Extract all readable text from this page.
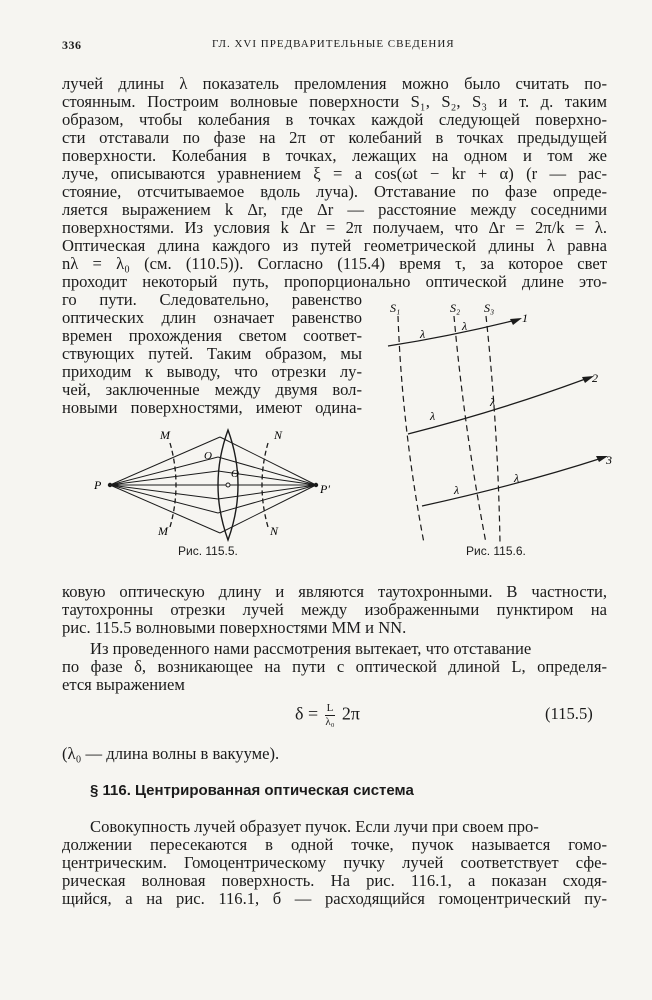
336	ГЛ. XVI ПРЕДВАРИТЕЛЬНЫЕ СВЕДЕНИЯ
лучей длины λ показатель преломления можно было считать по-
стоянным. Построим волновые поверхности S₁, S₂, S₃ и т. д. таким
образом, чтобы колебания в точках каждой следующей поверхно-
сти отставали по фазе на 2π от колебаний в точках предыдущей
поверхности. Колебания в точках, лежащих на одном и том же
луче, описываются уравнением ξ = a cos(ωt − kr + α) (r — рас-
стояние, отсчитываемое вдоль луча). Отставание по фазе опреде-
ляется выражением k Δr, где Δr — расстояние между соседними
поверхностями. Из условия k Δr = 2π получаем, что Δr = 2π/k = λ.
Оптическая длина каждого из путей геометрической длины λ равна
nλ = λ₀ (см. (110.5)). Согласно (115.4) время τ, за которое свет
проходит некоторый путь, пропорционально оптической длине это-
го пути. Следовательно, равенство
оптических длин означает равенство
времен прохождения светом соответ-
ствующих путей. Таким образом, мы
приходим к выводу, что отрезки лу-
чей, заключенные между двумя вол-
новыми поверхностями, имеют одина-
P	P'
M
M
N
N
O
O
Рис. 115.5.
S₁	S₂ S₃
1
2
3
λ
λ
λ
λ
λ
λ
Рис. 115.6.
ковую оптическую длину и являются таутохронными. В частности,
таутохронны отрезки лучей между изображенными пунктиром на
рис. 115.5 волновыми поверхностями MM и NN.
Из проведенного нами рассмотрения вытекает, что отставание
по фазе δ, возникающее на пути с оптической длиной L, определя-
ется выражением
$\delta = \frac{L}{\text{λ₀}} 2\pi$	(115.5)
(λ₀ — длина волны в вакууме).
§ 116. Центрированная оптическая система
Совокупность лучей образует пучок. Если лучи при своем про-
должении пересекаются в одной точке, пучок называется гомо-
центрическим. Гомоцентрическому пучку лучей соответствует сфе-
рическая волновая поверхность. На рис. 116.1, a показан сходя-
щийся, а на рис. 116.1, б — расходящийся гомоцентрический пу-
